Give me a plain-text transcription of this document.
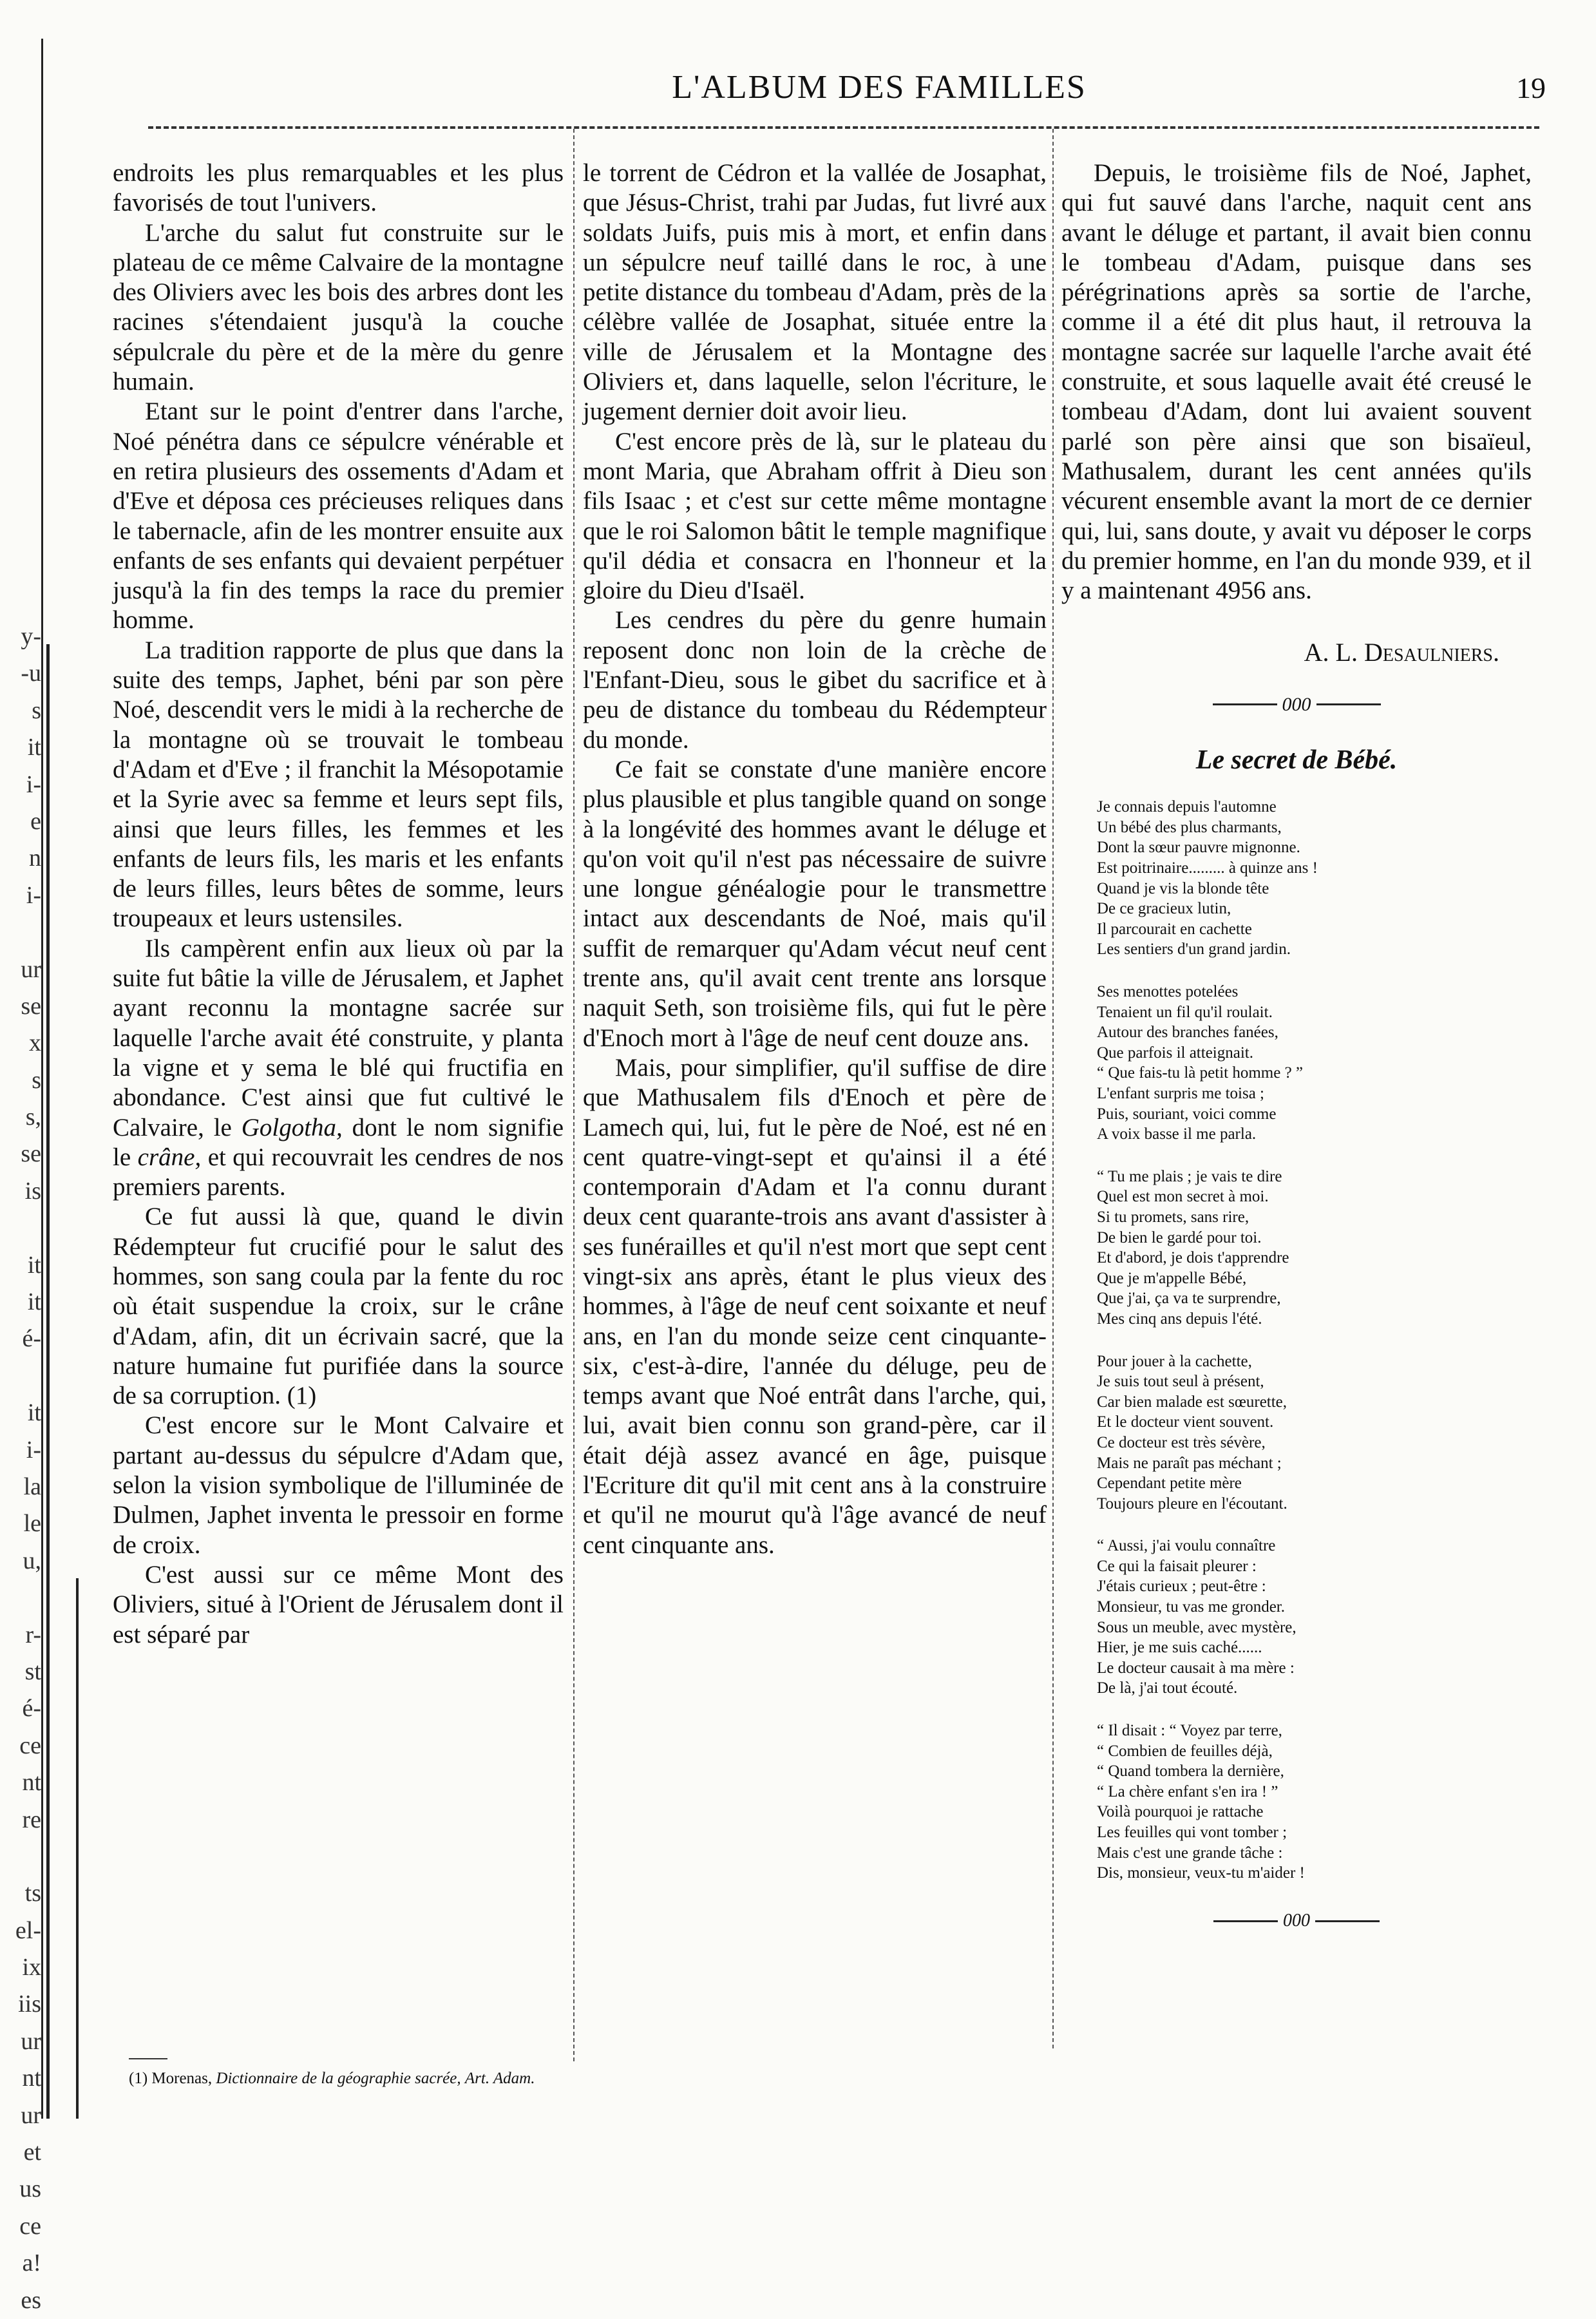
y-
-u
s
it
i-
e
n
i-
ur
se
x
s
s,
se
is
it
it
é-
it
i-
la
le
u,
r-
st
é-
ce
nt
re
ts
el-
ix
iis
ur
nt
ur
et
us
ce
a!
es
L'ALBUM DES FAMILLES	19

endroits les plus remarquables et les plus favorisés de tout l'univers.

L'arche du salut fut construite sur le plateau de ce même Calvaire de la montagne des Oliviers avec les bois des arbres dont les racines s'étendaient jusqu'à la couche sépulcrale du père et de la mère du genre humain.

Etant sur le point d'entrer dans l'arche, Noé pénétra dans ce sépulcre vénérable et en retira plusieurs des ossements d'Adam et d'Eve et déposa ces précieuses reliques dans le tabernacle, afin de les montrer ensuite aux enfants de ses enfants qui devaient perpétuer jusqu'à la fin des temps la race du premier homme.

La tradition rapporte de plus que dans la suite des temps, Japhet, béni par son père Noé, descendit vers le midi à la recherche de la montagne où se trouvait le tombeau d'Adam et d'Eve ; il franchit la Mésopotamie et la Syrie avec sa femme et leurs sept fils, ainsi que leurs filles, les femmes et les enfants de leurs fils, les maris et les enfants de leurs filles, leurs bêtes de somme, leurs troupeaux et leurs ustensiles.

Ils campèrent enfin aux lieux où par la suite fut bâtie la ville de Jérusalem, et Japhet ayant reconnu la montagne sacrée sur laquelle l'arche avait été construite, y planta la vigne et y sema le blé qui fructifia en abondance. C'est ainsi que fut cultivé le Calvaire, le Golgotha, dont le nom signifie le crâne, et qui recouvrait les cendres de nos premiers parents.

Ce fut aussi là que, quand le divin Rédempteur fut crucifié pour le salut des hommes, son sang coula par la fente du roc où était suspendue la croix, sur le crâne d'Adam, afin, dit un écrivain sacré, que la nature humaine fut purifiée dans la source de sa corruption. (1)

C'est encore sur le Mont Calvaire et partant au-dessus du sépulcre d'Adam que, selon la vision symbolique de l'illuminée de Dulmen, Japhet inventa le pressoir en forme de croix.

C'est aussi sur ce même Mont des Oliviers, situé à l'Orient de Jérusalem dont il est séparé par

(1) Morenas, Dictionnaire de la géographie sacrée, Art. Adam.

le torrent de Cédron et la vallée de Josaphat, que Jésus-Christ, trahi par Judas, fut livré aux soldats Juifs, puis mis à mort, et enfin dans un sépulcre neuf taillé dans le roc, à une petite distance du tombeau d'Adam, près de la célèbre vallée de Josaphat, située entre la ville de Jérusalem et la Montagne des Oliviers et, dans laquelle, selon l'écriture, le jugement dernier doit avoir lieu.

C'est encore près de là, sur le plateau du mont Maria, que Abraham offrit à Dieu son fils Isaac ; et c'est sur cette même montagne que le roi Salomon bâtit le temple magnifique qu'il dédia et consacra en l'honneur et la gloire du Dieu d'Isaël.

Les cendres du père du genre humain reposent donc non loin de la crèche de l'Enfant-Dieu, sous le gibet du sacrifice et à peu de distance du tombeau du Rédempteur du monde.

Ce fait se constate d'une manière encore plus plausible et plus tangible quand on songe à la longévité des hommes avant le déluge et qu'on voit qu'il n'est pas nécessaire de suivre une longue généalogie pour le transmettre intact aux descendants de Noé, mais qu'il suffit de remarquer qu'Adam vécut neuf cent trente ans, qu'il avait cent trente ans lorsque naquit Seth, son troisième fils, qui fut le père d'Enoch mort à l'âge de neuf cent douze ans.

Mais, pour simplifier, qu'il suffise de dire que Mathusalem fils d'Enoch et père de Lamech qui, lui, fut le père de Noé, est né en cent quatre-vingt-sept et qu'ainsi il a été contemporain d'Adam et l'a connu durant deux cent quarante-trois ans avant d'assister à ses funérailles et qu'il n'est mort que sept cent vingt-six ans après, étant le plus vieux des hommes, à l'âge de neuf cent soixante et neuf ans, en l'an du monde seize cent cinquante-six, c'est-à-dire, l'année du déluge, peu de temps avant que Noé entrât dans l'arche, qui, lui, avait bien connu son grand-père, car il était déjà assez avancé en âge, puisque l'Ecriture dit qu'il mit cent ans à la construire et qu'il ne mourut qu'à l'âge avancé de neuf cent cinquante ans.

Depuis, le troisième fils de Noé, Japhet, qui fut sauvé dans l'arche, naquit cent ans avant le déluge et partant, il avait bien connu le tombeau d'Adam, puisque dans ses pérégrinations après sa sortie de l'arche, comme il a été dit plus haut, il retrouva la montagne sacrée sur laquelle l'arche avait été construite, et sous laquelle avait été creusé le tombeau d'Adam, dont lui avaient souvent parlé son père ainsi que son bisaïeul, Mathusalem, durant les cent années qu'ils vécurent ensemble avant la mort de ce dernier qui, lui, sans doute, y avait vu déposer le corps du premier homme, en l'an du monde 939, et il y a maintenant 4956 ans.

A. L. Desaulniers.
000
Le secret de Bébé.
Je connais depuis l'automne
Un bébé des plus charmants,
Dont la sœur pauvre mignonne.
Est poitrinaire......... à quinze ans !
Quand je vis la blonde tête
De ce gracieux lutin,
Il parcourait en cachette
Les sentiers d'un grand jardin.
Ses menottes potelées
Tenaient un fil qu'il roulait.
Autour des branches fanées,
Que parfois il atteignait.
“ Que fais-tu là petit homme ? ”
L'enfant surpris me toisa ;
Puis, souriant, voici comme
A voix basse il me parla.
“ Tu me plais ; je vais te dire
Quel est mon secret à moi.
Si tu promets, sans rire,
De bien le gardé pour toi.
Et d'abord, je dois t'apprendre
Que je m'appelle Bébé,
Que j'ai, ça va te surprendre,
Mes cinq ans depuis l'été.
Pour jouer à la cachette,
Je suis tout seul à présent,
Car bien malade est sœurette,
Et le docteur vient souvent.
Ce docteur est très sévère,
Mais ne paraît pas méchant ;
Cependant petite mère
Toujours pleure en l'écoutant.
“ Aussi, j'ai voulu connaître
Ce qui la faisait pleurer :
J'étais curieux ; peut-être :
Monsieur, tu vas me gronder.
Sous un meuble, avec mystère,
Hier, je me suis caché......
Le docteur causait à ma mère :
De là, j'ai tout écouté.
“ Il disait : “ Voyez par terre,
“ Combien de feuilles déjà,
“ Quand tombera la dernière,
“ La chère enfant s'en ira ! ”
Voilà pourquoi je rattache
Les feuilles qui vont tomber ;
Mais c'est une grande tâche :
Dis, monsieur, veux-tu m'aider !
000
